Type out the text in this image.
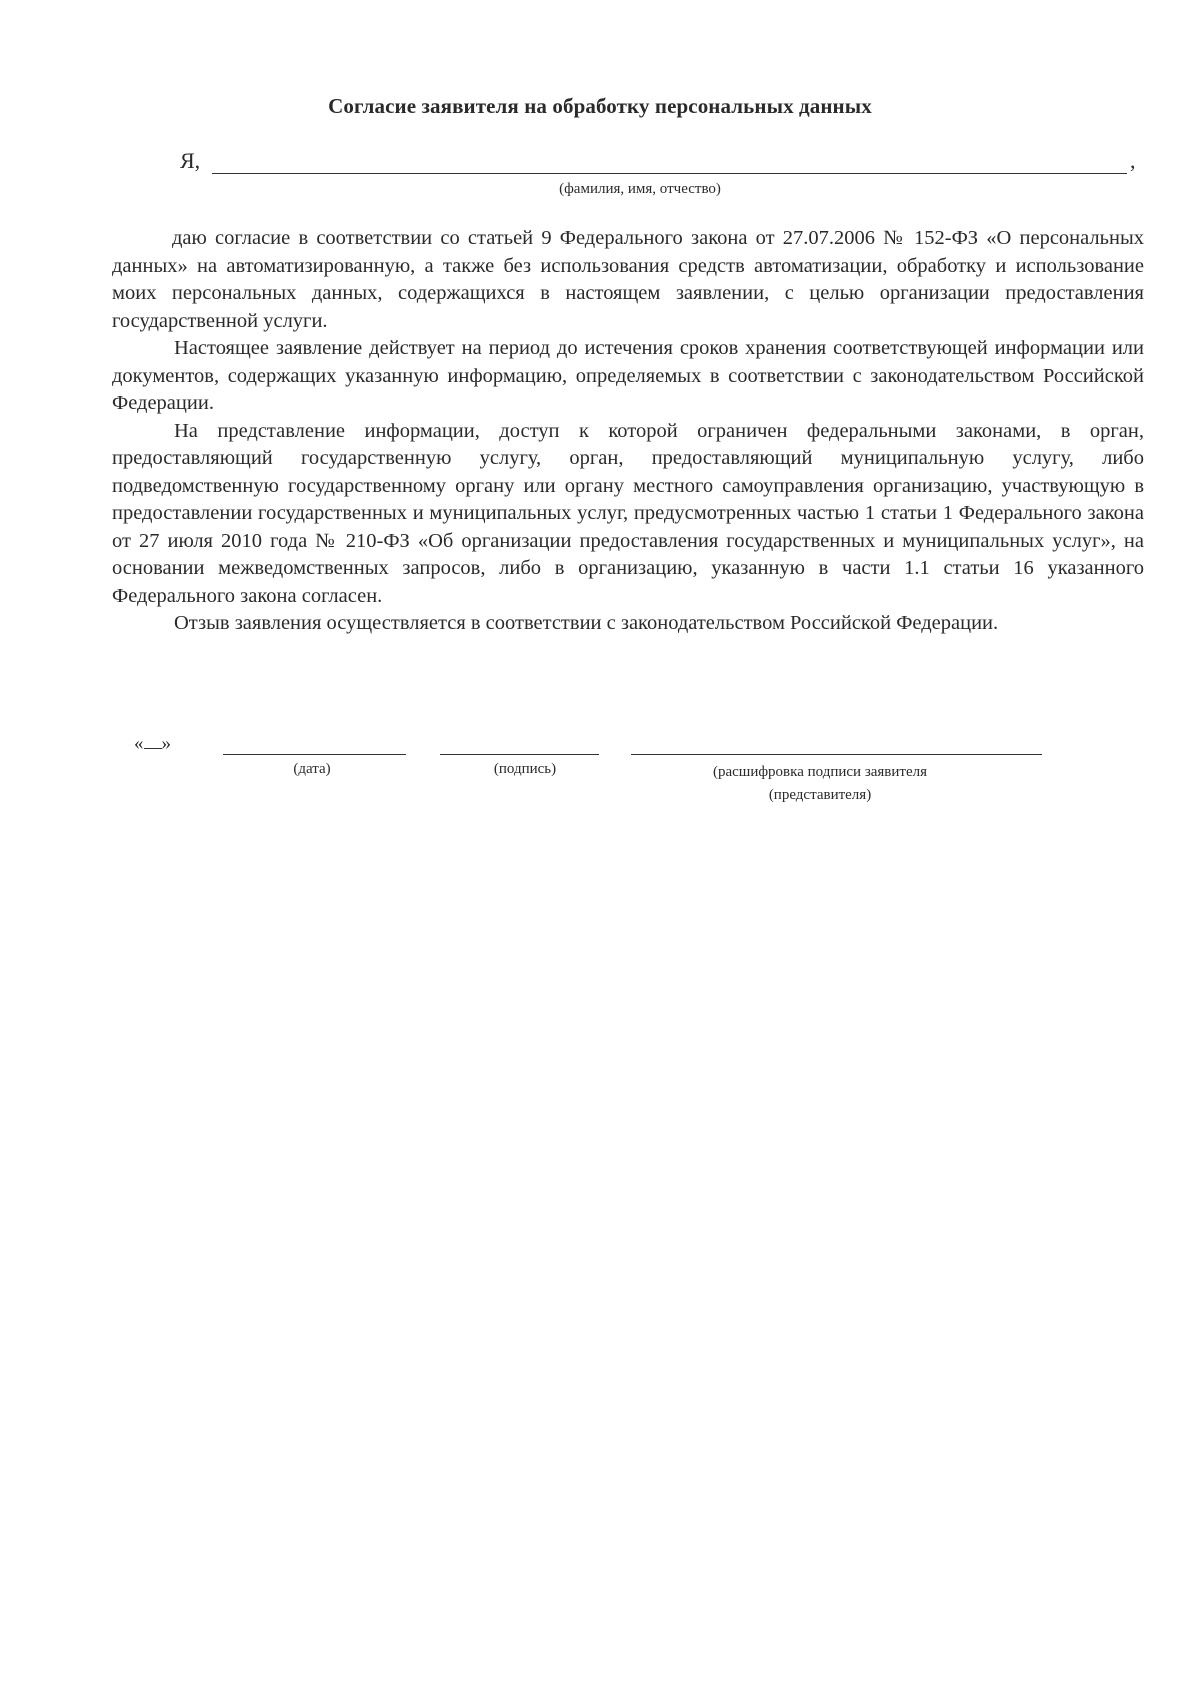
Согласие заявителя на обработку персональных данных
Я,	,
(фамилия, имя, отчество)

даю согласие в соответствии со статьей 9 Федерального закона от 27.07.2006 № 152-ФЗ «О персональных данных» на автоматизированную, а также без использования средств автоматизации, обработку и использование моих персональных данных, содержащихся в настоящем заявлении, с целью организации предоставления государственной услуги.

Настоящее заявление действует на период до истечения сроков хранения соответствующей информации или документов, содержащих указанную информацию, определяемых в соответствии с законодательством Российской Федерации.

На представление информации, доступ к которой ограничен федеральными законами, в орган, предоставляющий государственную услугу, орган, предоставляющий муниципальную услугу, либо подведомственную государственному органу или органу местного самоуправления организацию, участвующую в предоставлении государственных и муниципальных услуг, предусмотренных частью 1 статьи 1 Федерального закона от 27 июля 2010 года № 210-ФЗ «Об организации предоставления государственных и муниципальных услуг», на основании межведомственных запросов, либо в организацию, указанную в части 1.1 статьи 16 указанного Федерального закона согласен.

Отзыв заявления осуществляется в соответствии с законодательством Российской Федерации.

« »
(дата)	(подпись)	(расшифровка подписи заявителя
(представителя)
